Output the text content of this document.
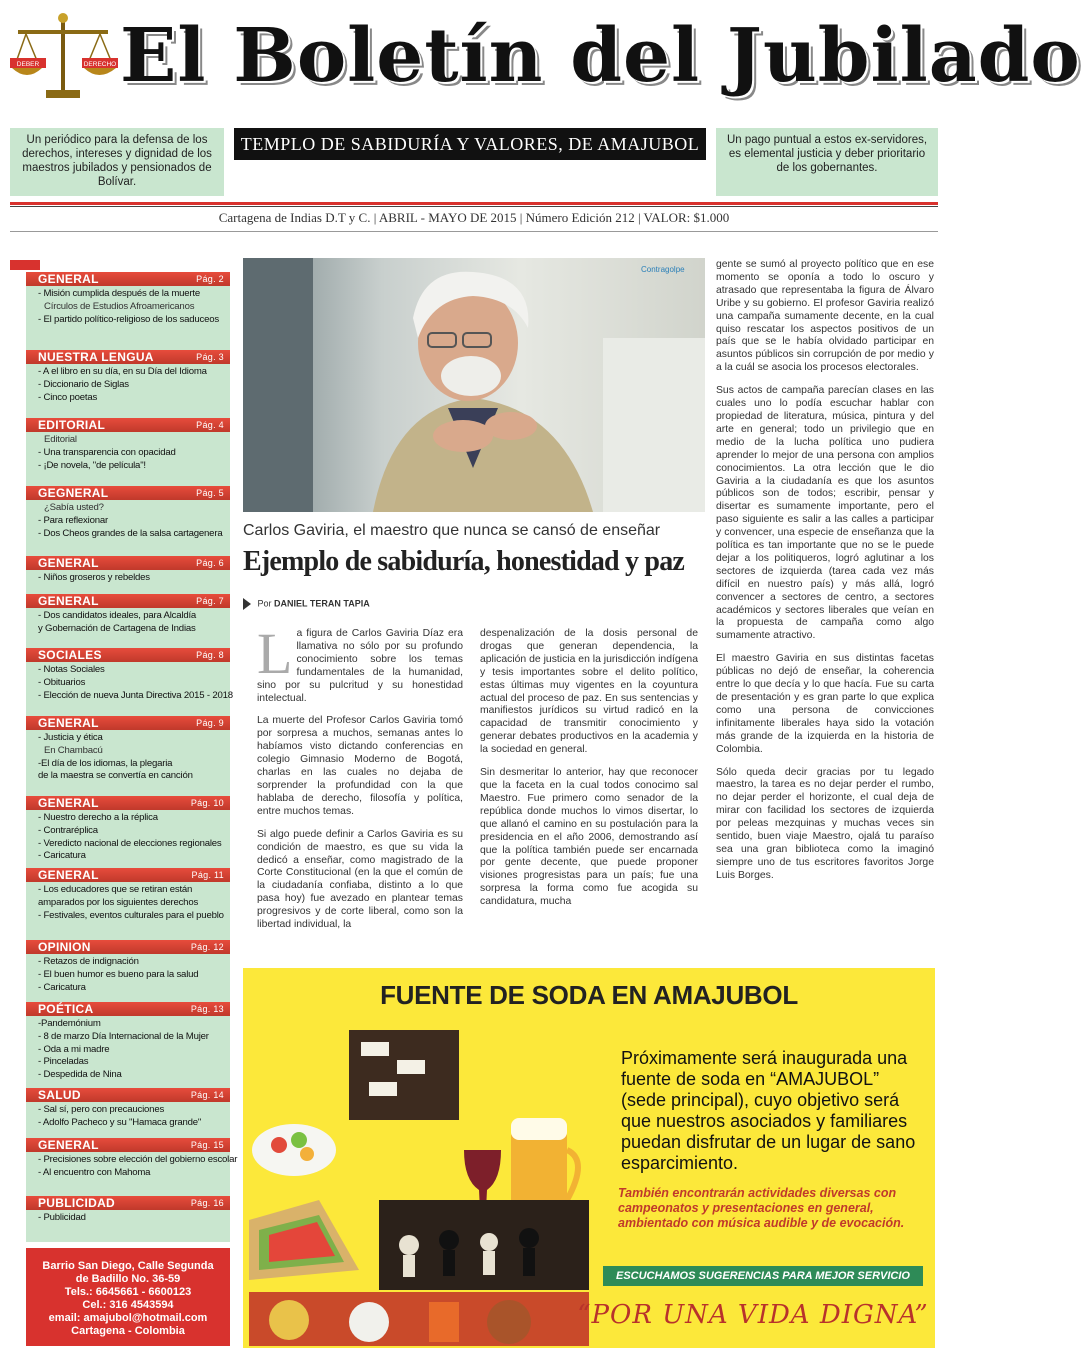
DEBER	DERECHO El Boletín del Jubilado
Un periódico para la defensa de los derechos, intereses y dignidad de los maestros jubilados y pensionados de Bolívar.
TEMPLO DE SABIDURÍA Y VALORES, DE AMAJUBOL	Un pago puntual a estos ex-servidores, es elemental justicia y deber prioritario de los gobernantes.
Cartagena de Indias D.T y C. | ABRIL - MAYO DE 2015 | Número Edición 212 | VALOR: $1.000
GENERAL	Pág. 2
- Misión cumplida después de la muerte
Círculos de Estudios Afroamericanos
- El partido político-religioso de los saduceos
NUESTRA LENGUA	Pág. 3
- A el libro en su día, en su Día del Idioma
- Diccionario de Siglas
- Cinco poetas
EDITORIAL	Pág. 4
Editorial
- Una transparencia con opacidad
- ¡De novela, "de película"!
GEGNERAL	Pág. 5
¿Sabía usted?
- Para reflexionar
- Dos Cheos grandes de la salsa cartagenera
GENERAL	Pág. 6
- Niños groseros y rebeldes
GENERAL	Pág. 7
- Dos candidatos ideales, para Alcaldía
y Gobernación de Cartagena de Indias
SOCIALES	Pág. 8
- Notas Sociales
- Obituarios
- Elección de nueva Junta Directiva 2015 - 2018
GENERAL	Pág. 9
- Justicia y ética
En Chambacú
-El día de los idiomas, la plegaria
de la maestra se convertía en canción
GENERAL	Pág. 10
- Nuestro derecho a la réplica
- Contraréplica
- Veredicto nacional de elecciones regionales
- Caricatura
GENERAL	Pág. 11
- Los educadores que se retiran están
amparados por los siguientes derechos
- Festivales, eventos culturales para el pueblo
OPINION	Pág. 12
- Retazos de indignación
- El buen humor es bueno para la salud
- Caricatura
POÉTICA	Pág. 13
-Pandemónium
- 8 de marzo Día Internacional de la Mujer
- Oda a mi madre
- Pinceladas
- Despedida de Nina
SALUD	Pág. 14
- Sal sí, pero con precauciones
- Adolfo Pacheco y su "Hamaca grande"
GENERAL	Pág. 15
- Precisiones sobre elección del gobierno escolar
- Al encuentro con Mahoma
PUBLICIDAD	Pág. 16
- Publicidad
Barrio San Diego, Calle Segunda
de Badillo No. 36-59
Tels.: 6645661 - 6600123
Cel.: 316 4543594
email: amajubol@hotmail.com
Cartagena - Colombia
Contragolpe
Carlos Gaviria, el maestro que nunca se cansó de enseñar
Ejemplo de sabiduría, honestidad y paz
Por DANIEL TERAN TAPIA

La figura de Carlos Gaviria Díaz era llamativa no sólo por su profundo conocimiento sobre los temas fundamentales de la humanidad, sino por su pulcritud y su honestidad intelectual.

La muerte del Profesor Carlos Gaviria tomó por sorpresa a muchos, semanas antes lo habíamos visto dictando conferencias en colegio Gimnasio Moderno de Bogotá, charlas en las cuales no dejaba de sorprender la profundidad con la que hablaba de derecho, filosofía y política, entre muchos temas.

Si algo puede definir a Carlos Gaviria es su condición de maestro, es que su vida la dedicó a enseñar, como magistrado de la Corte Constitucional (en la que el común de la ciudadanía confiaba, distinto a lo que pasa hoy) fue avezado en plantear temas progresivos y de corte liberal, como son la libertad individual, la

despenalización de la dosis personal de drogas que generan dependencia, la aplicación de justicia en la jurisdicción indígena y tesis importantes sobre el delito político, estas últimas muy vigentes en la coyuntura actual del proceso de paz. En sus sentencias y manifiestos jurídicos su virtud radicó en la capacidad de transmitir conocimiento y generar debates productivos en la academia y la sociedad en general.

Sin desmeritar lo anterior, hay que reconocer que la faceta en la cual todos conocimo sal Maestro. Fue primero como senador de la república donde muchos lo vimos disertar, lo que allanó el camino en su postulación para la presidencia en el año 2006, demostrando así que la política también puede ser encarnada por gente decente, que puede proponer visiones progresistas para un país; fue una sorpresa la forma como fue acogida su candidatura, mucha

gente se sumó al proyecto político que en ese momento se oponía a todo lo oscuro y atrasado que representaba la figura de Álvaro Uribe y su gobierno. El profesor Gaviria realizó una campaña sumamente decente, en la cual quiso rescatar los aspectos positivos de un país que se le había olvidado participar en asuntos públicos sin corrupción de por medio y a la cuál se asocia los procesos electorales.

Sus actos de campaña parecían clases en las cuales uno lo podía escuchar hablar con propiedad de literatura, música, pintura y del arte en general; todo un privilegio que en medio de la lucha política uno pudiera aprender lo mejor de una persona con amplios conocimientos. La otra lección que le dio Gaviria a la ciudadanía es que los asuntos públicos son de todos; escribir, pensar y disertar es sumamente importante, pero el paso siguiente es salir a las calles a participar y convencer, una especie de enseñanza que la política es tan importante que no se le puede dejar a los politiqueros, logró aglutinar a los sectores de izquierda (tarea cada vez más difícil en nuestro país) y más allá, logró convencer a sectores de centro, a sectores académicos y sectores liberales que veían en la propuesta de campaña como algo sumamente atractivo.

El maestro Gaviria en sus distintas facetas públicas no dejó de enseñar, la coherencia entre lo que decía y lo que hacía. Fue su carta de presentación y es gran parte lo que explica como una persona de convicciones infinitamente liberales haya sido la votación más grande de la izquierda en la historia de Colombia.

Sólo queda decir gracias por tu legado maestro, la tarea es no dejar perder el rumbo, no dejar perder el horizonte, el cual deja de mirar con facilidad los sectores de izquierda por peleas mezquinas y muchas veces sin sentido, buen viaje Maestro, ojalá tu paraíso sea una gran biblioteca como la imaginó siempre uno de tus escritores favoritos Jorge Luis Borges.

FUENTE DE SODA EN AMAJUBOL
Próximamente será inaugurada una fuente de soda en “AMAJUBOL” (sede principal), cuyo objetivo será que nuestros asociados y familiares puedan disfrutar de un lugar de sano esparcimiento.
También encontrarán actividades diversas con campeonatos y presentaciones en general, ambientado con música audible y de evocación.
ESCUCHAMOS SUGERENCIAS PARA MEJOR SERVICIO
“POR UNA VIDA DIGNA”
